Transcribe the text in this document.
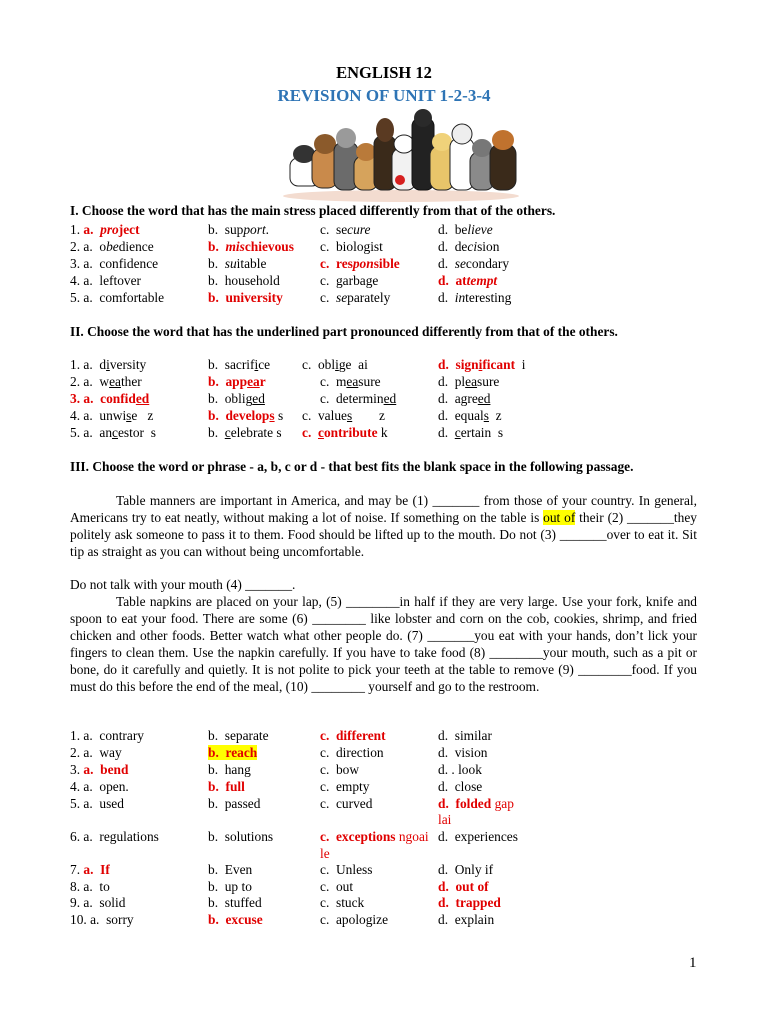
ENGLISH 12
REVISION OF UNIT 1-2-3-4
I. Choose the word that has the main stress placed differently from that of the others.
1. a.  project	b.  support.	c.  secure	d.  believe
2. a.  obedience	b.  mischievous c.  biologist	d.  decision
3. a.  confidence	b.  suitable	c.  responsible	d.  secondary
4. a.  leftover	b.  household	c.  garbage	d.  attempt
5. a.  comfortable	b.  university	c.  separately	d.  interesting
II. Choose the word that has the underlined part pronounced differently from that of the others.
1. a.  diversity	b.  sacrifice c.  oblige  ai	d.  significant  i
2. a.  weather	b.  appear	c.  measure	d.  pleasure
3. a.  confided	b.  obliged	c.  determined	d.  agreed
4. a.  unwise   z	b.  develops s c.  values        z	d.  equals  z
5. a.  ancestor  s	b.  celebrate s c.  contribute k	d.  certain  s
III. Choose the word or phrase - a, b, c or d - that best fits the blank space in the following passage.
Table manners are important in America, and may be (1) _______ from those of your country. In general, Americans try to eat neatly, without making a lot of noise. If something on the table is out of their (2) _______they politely ask someone to pass it to them. Food should be lifted up to the mouth. Do not (3) _______over to eat it. Sit tip as straight as you can without being uncomfortable.
Do not talk with your mouth (4) _______.
Table napkins are placed on your lap, (5) ________in half if they are very large. Use your fork, knife and spoon to eat your food. There are some (6) ________ like lobster and corn on the cob, cookies, shrimp, and fried chicken and other foods. Better watch what other people do. (7) _______you eat with your hands, don’t lick your fingers to clean them. Use the napkin carefully. If you have to take food (8) ________your mouth, such as a pit or bone, do it carefully and quietly. It is not polite to pick your teeth at the table to remove (9) ________food. If you must do this before the end of the meal, (10) ________ yourself and go to the restroom.
1. a.  contrary	b.  separate	c.  different	d.  similar
2. a.  way	b.  reach	c.  direction	d.  vision
3. a.  bend	b.  hang	c.  bow	d. . look
4. a.  open.	b.  full	c.  empty	d.  close
5. a.  used	b.  passed	c.  curved	d.  folded gap
lai
6. a.  regulations	b.  solutions	c.  exceptions ngoai d.  experiences
le
7. a.  If	b.  Even	c.  Unless	d.  Only if
8. a.  to	b.  up to	c.  out	d.  out of
9. a.  solid	b.  stuffed	c.  stuck	d.  trapped
10. a.  sorry	b.  excuse	c.  apologize	d.  explain
1
